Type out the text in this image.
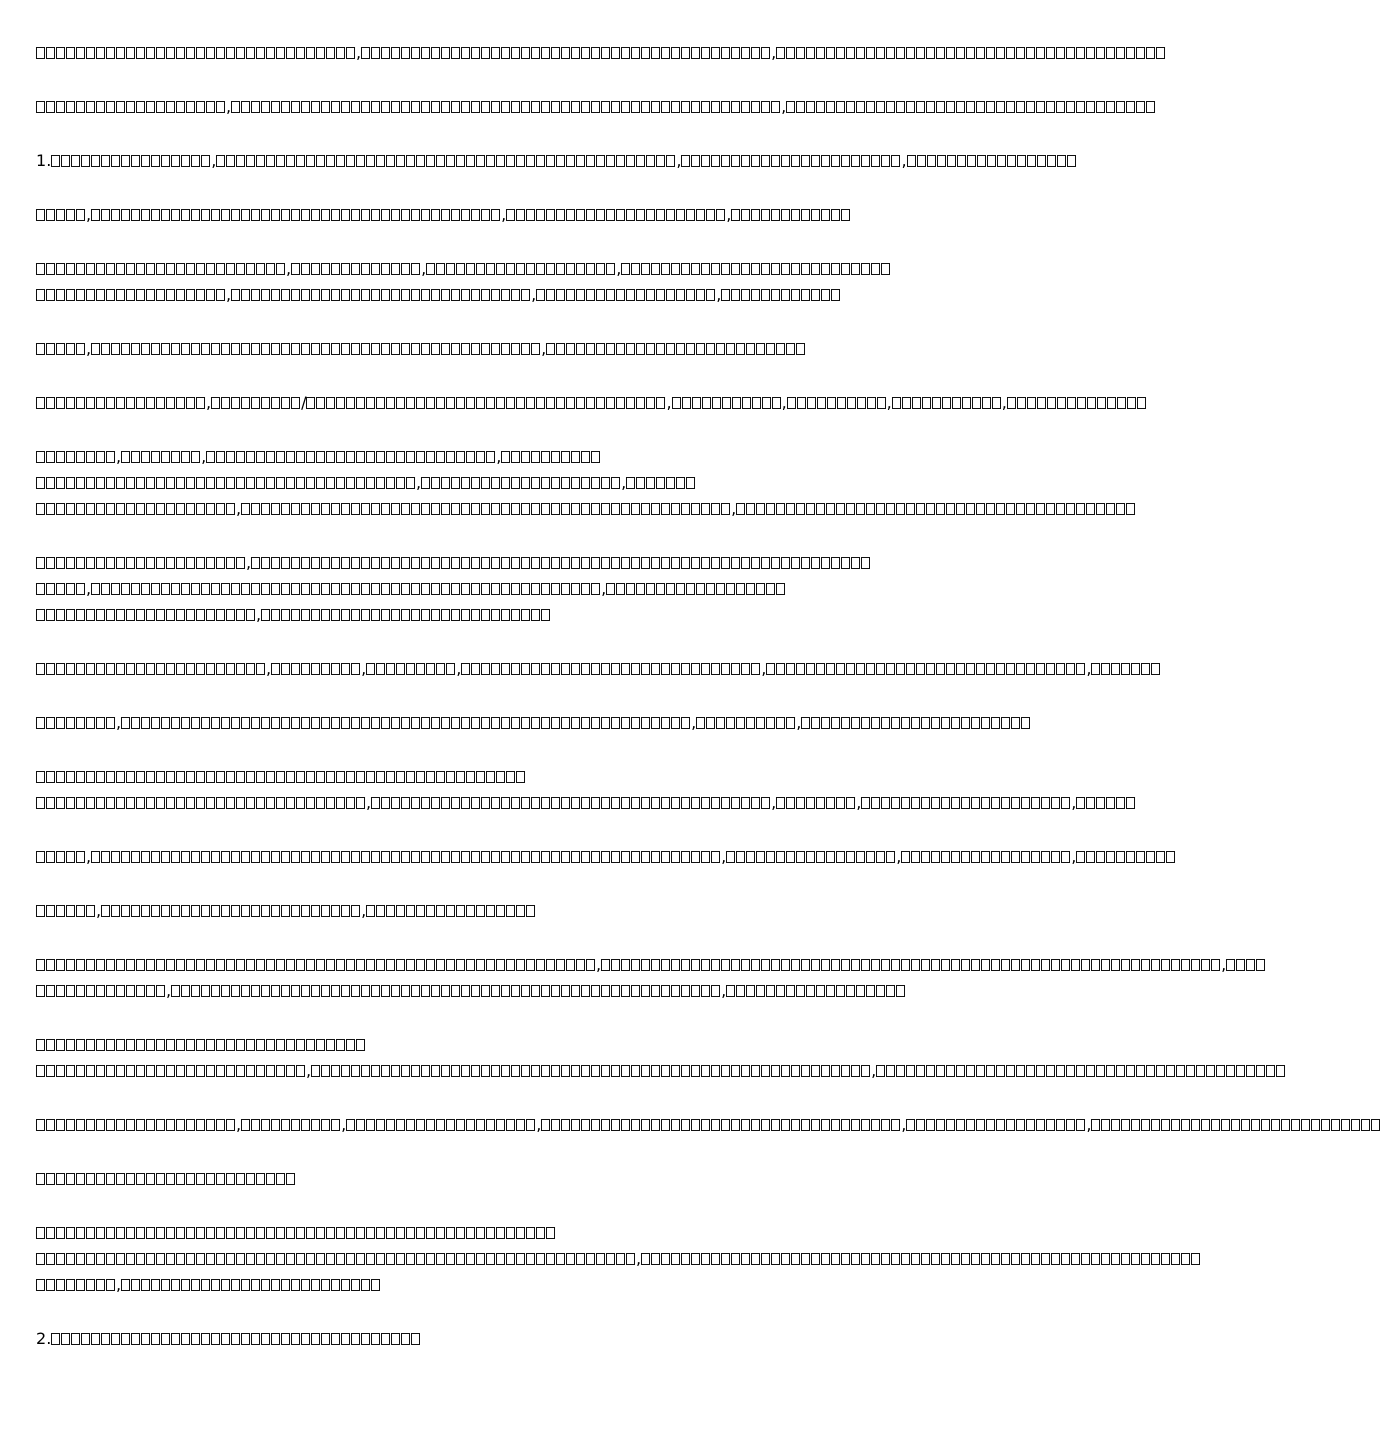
,	,
,	,
1.	,	,	,
,	,	,
,	,	,
,	,	,
,	,
,	/	,	,	,	,
,	,	,
,	,
,	,
,
,	,
,
,	,	,	,	,
,	,	,
,	,	,	,
,	,	,	,
,	,
,	,
,	,
,	,
,	,	,	,	,
,
,
2.
